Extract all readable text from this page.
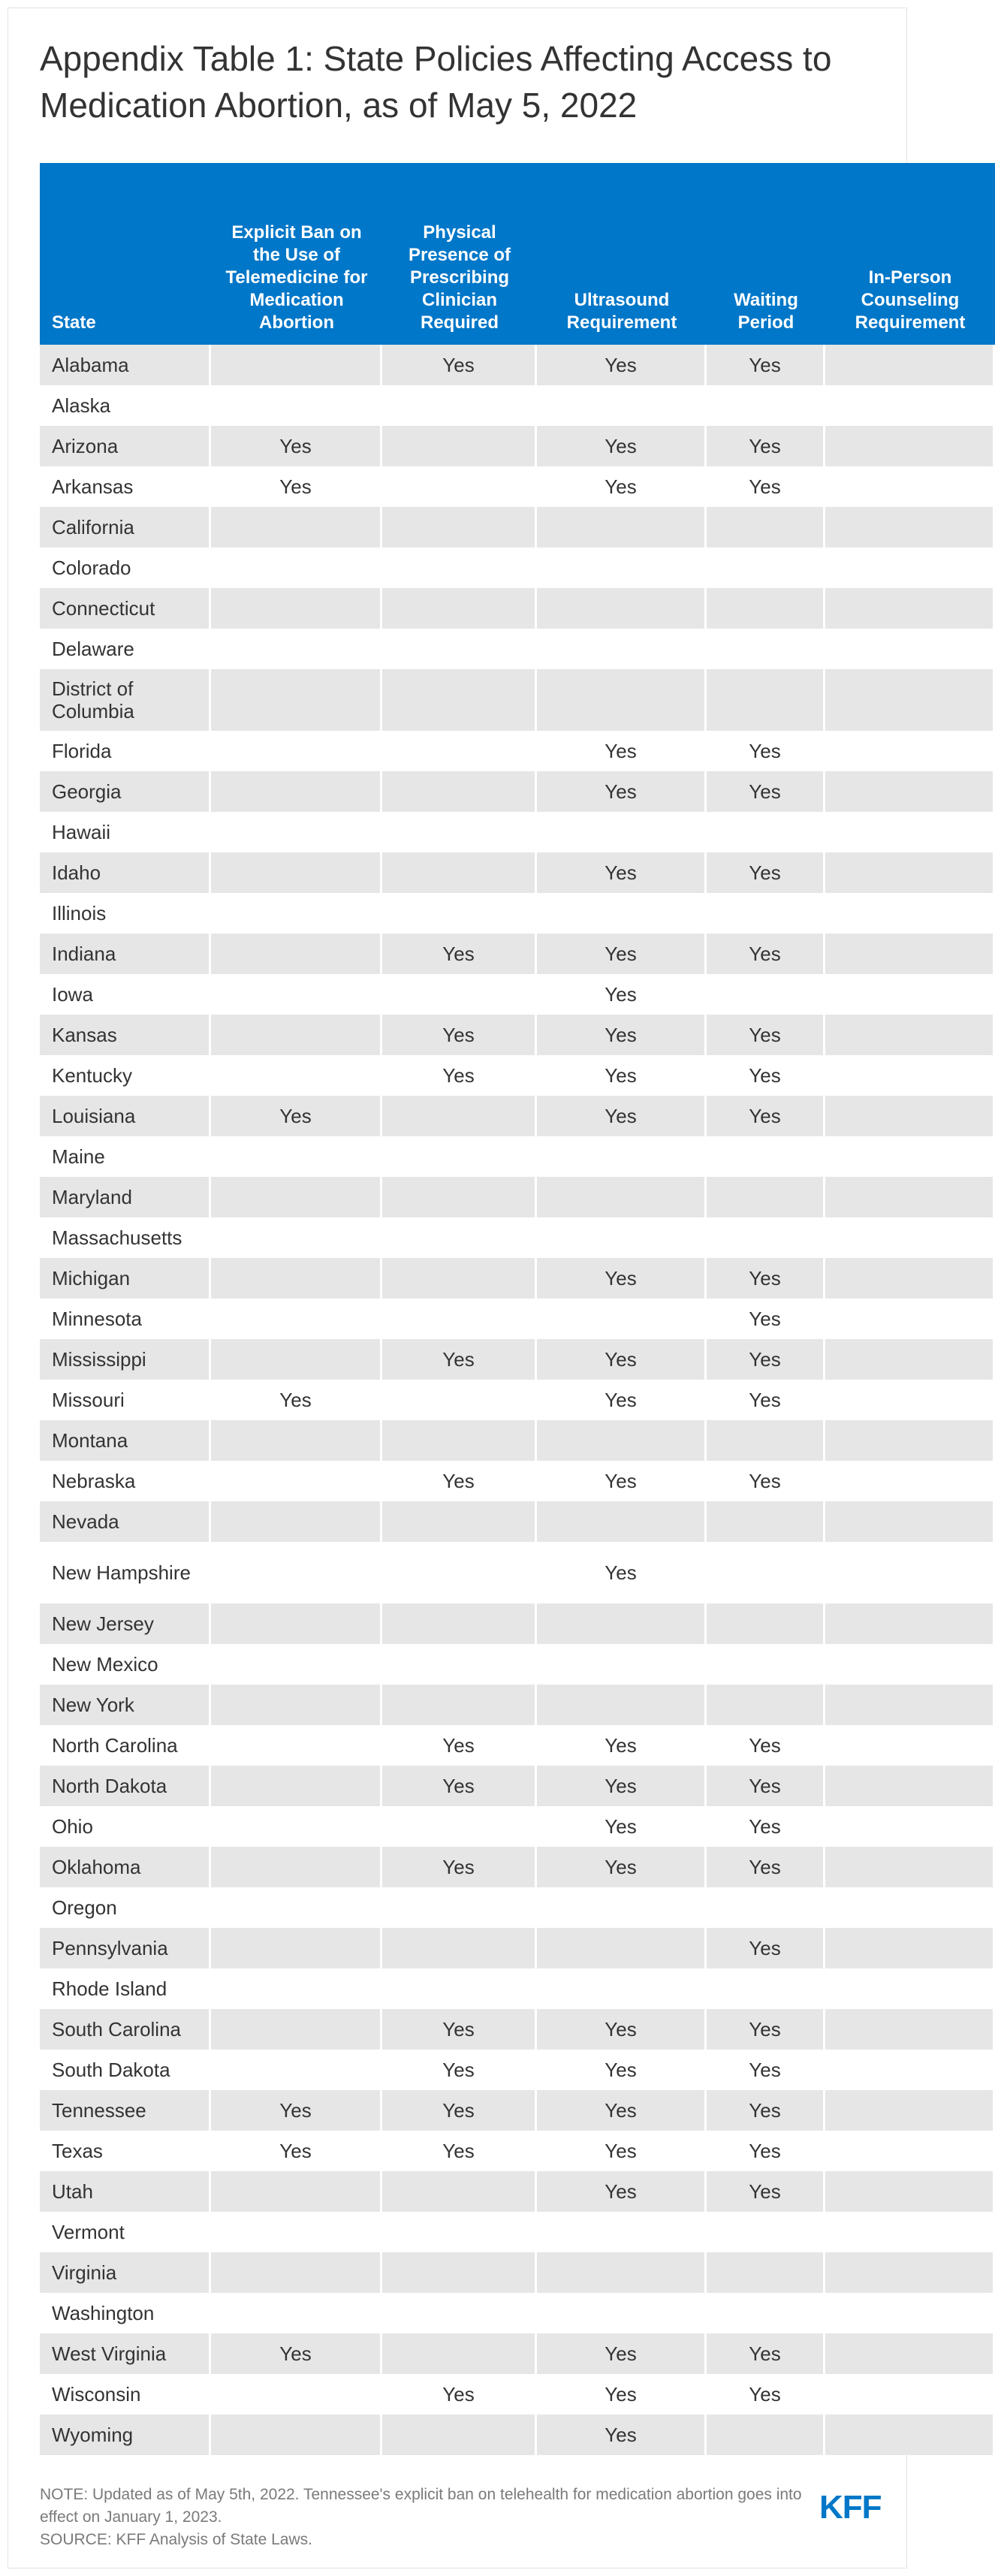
Appendix Table 1: State Policies Affecting Access to Medication Abortion, as of May 5, 2022
State	Explicit Ban on the Use of Telemedicine for Medication Abortion	Physical Presence of Prescribing Clinician Required	Ultrasound Requirement	Waiting Period	In-Person Counseling Requirement
Alabama		Yes	Yes	Yes	
Alaska					
Arizona	Yes		Yes	Yes	
Arkansas	Yes		Yes	Yes	
California					
Colorado					
Connecticut					
Delaware					
District of Columbia					
Florida			Yes	Yes	
Georgia			Yes	Yes	
Hawaii					
Idaho			Yes	Yes	
Illinois					
Indiana		Yes	Yes	Yes	
Iowa			Yes		
Kansas		Yes	Yes	Yes	
Kentucky		Yes	Yes	Yes	
Louisiana	Yes		Yes	Yes	
Maine					
Maryland					
Massachusetts					
Michigan			Yes	Yes	
Minnesota				Yes	
Mississippi		Yes	Yes	Yes	
Missouri	Yes		Yes	Yes	
Montana					
Nebraska		Yes	Yes	Yes	
Nevada					
New Hampshire			Yes		
New Jersey					
New Mexico					
New York					
North Carolina		Yes	Yes	Yes	
North Dakota		Yes	Yes	Yes	
Ohio			Yes	Yes	
Oklahoma		Yes	Yes	Yes	
Oregon					
Pennsylvania				Yes	
Rhode Island					
South Carolina		Yes	Yes	Yes	
South Dakota		Yes	Yes	Yes	
Tennessee	Yes	Yes	Yes	Yes	
Texas	Yes	Yes	Yes	Yes	
Utah			Yes	Yes	
Vermont					
Virginia					
Washington					
West Virginia	Yes		Yes	Yes	
Wisconsin		Yes	Yes	Yes	
Wyoming			Yes		

NOTE: Updated as of May 5th, 2022. Tennessee's explicit ban on telehealth for medication abortion goes into effect on January 1, 2023.

SOURCE: KFF Analysis of State Laws.

KFF
